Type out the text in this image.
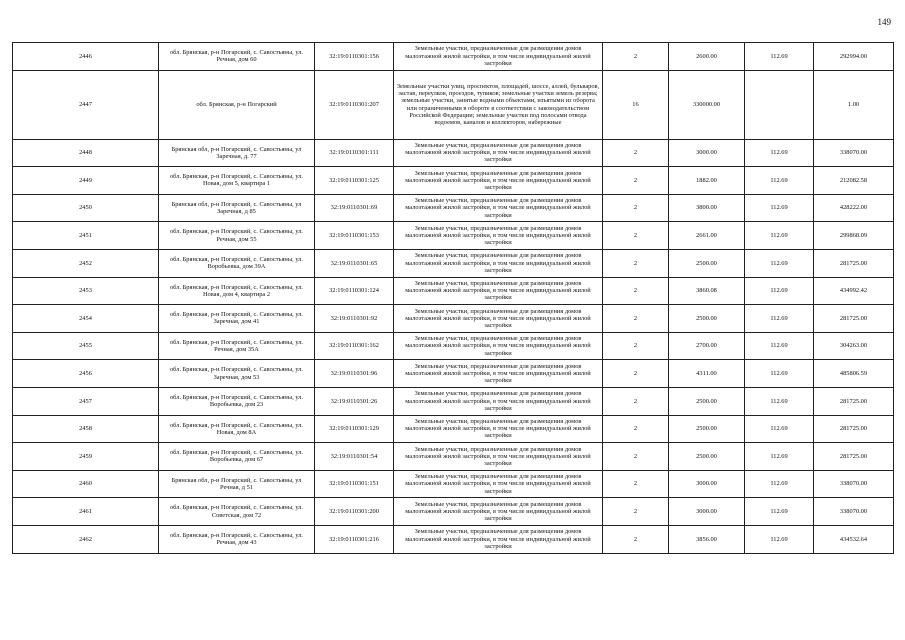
149
2446	обл. Брянская, р-н Погарский, с. Савостьяны, ул. Речная, дом 60	32:19:0110301:156	Земельные участки, предназначенные для размещения домов малоэтажной жилой застройки, в том числе индивидуальной жилой застройки	2	2600.00	112.69	292994.00
2447	обл. Брянская, р-н Погарский	32:19:0110301:207	Земельные участки улиц, проспектов, площадей, шоссе, аллей, бульваров, застав, переулков, проездов, тупиков; земельные участки земель резерва; земельные участки, занятые водными объектами, изъятыми из оборота или ограниченными в обороте в соответствии с законодательством Российской Федерации; земельные участки под полосами отвода водоемов, каналов и коллекторов, набережные	16	330000.00		1.00
2448	Брянская обл, р-н Погарский, с. Савостьяны, ул Заречная, д. 77	32:19:0110301:111	Земельные участки, предназначенные для размещения домов малоэтажной жилой застройки, в том числе индивидуальной жилой застройки	2	3000.00	112.69	338070.00
2449	обл. Брянская, р-н Погарский, с. Савостьяны, ул. Новая, дом 5, квартира 1	32:19:0110301:125	Земельные участки, предназначенные для размещения домов малоэтажной жилой застройки, в том числе индивидуальной жилой застройки	2	1882.00	112.69	212082.58
2450	Брянская обл, р-н Погарский, с. Савостьяны, ул Заречная, д 85	32:19:0110301:69	Земельные участки, предназначенные для размещения домов малоэтажной жилой застройки, в том числе индивидуальной жилой застройки	2	3800.00	112.69	428222.00
2451	обл. Брянская, р-н Погарский, с. Савостьяны, ул. Речная, дом 55	32:19:0110301:153	Земельные участки, предназначенные для размещения домов малоэтажной жилой застройки, в том числе индивидуальной жилой застройки	2	2661.00	112.69	299868.09
2452	обл. Брянская, р-н Погарский, с. Савостьяны, ул. Воробьевка, дом 39А	32:19:0110301:65	Земельные участки, предназначенные для размещения домов малоэтажной жилой застройки, в том числе индивидуальной жилой застройки	2	2500.00	112.69	281725.00
2453	обл. Брянская, р-н Погарский, с. Савостьяны, ул. Новая, дом 4, квартира 2	32:19:0110301:124	Земельные участки, предназначенные для размещения домов малоэтажной жилой застройки, в том числе индивидуальной жилой застройки	2	3860.08	112.69	434992.42
2454	обл. Брянская, р-н Погарский, с. Савостьяны, ул. Заречная, дом 41	32:19:0110301:92	Земельные участки, предназначенные для размещения домов малоэтажной жилой застройки, в том числе индивидуальной жилой застройки	2	2500.00	112.69	281725.00
2455	обл. Брянская, р-н Погарский, с. Савостьяны, ул. Речная, дом 35А	32:19:0110301:162	Земельные участки, предназначенные для размещения домов малоэтажной жилой застройки, в том числе индивидуальной жилой застройки	2	2700.00	112.69	304263.00
2456	обл. Брянская, р-н Погарский, с. Савостьяны, ул. Заречная, дом 53	32:19:0110301:96	Земельные участки, предназначенные для размещения домов малоэтажной жилой застройки, в том числе индивидуальной жилой застройки	2	4311.00	112.69	485806.59
2457	обл. Брянская, р-н Погарский, с. Савостьяны, ул. Воробьевка, дом 23	32:19:0110301:26	Земельные участки, предназначенные для размещения домов малоэтажной жилой застройки, в том числе индивидуальной жилой застройки	2	2500.00	112.69	281725.00
2458	обл. Брянская, р-н Погарский, с. Савостьяны, ул. Новая, дом 8А	32:19:0110301:129	Земельные участки, предназначенные для размещения домов малоэтажной жилой застройки, в том числе индивидуальной жилой застройки	2	2500.00	112.69	281725.00
2459	обл. Брянская, р-н Погарский, с. Савостьяны, ул. Воробьевка, дом 67	32:19:0110301:54	Земельные участки, предназначенные для размещения домов малоэтажной жилой застройки, в том числе индивидуальной жилой застройки	2	2500.00	112.69	281725.00
2460	Брянская обл, р-н Погарский, с. Савостьяны, ул Речная, д 51	32:19:0110301:151	Земельные участки, предназначенные для размещения домов малоэтажной жилой застройки, в том числе индивидуальной жилой застройки	2	3000.00	112.69	338070.00
2461	обл. Брянская, р-н Погарский, с. Савостьяны, ул. Советская, дом 72	32:19:0110301:200	Земельные участки, предназначенные для размещения домов малоэтажной жилой застройки, в том числе индивидуальной жилой застройки	2	3000.00	112.69	338070.00
2462	обл. Брянская, р-н Погарский, с. Савостьяны, ул. Речная, дом 43	32:19:0110301:216	Земельные участки, предназначенные для размещения домов малоэтажной жилой застройки, в том числе индивидуальной жилой застройки	2	3856.00	112.69	434532.64
